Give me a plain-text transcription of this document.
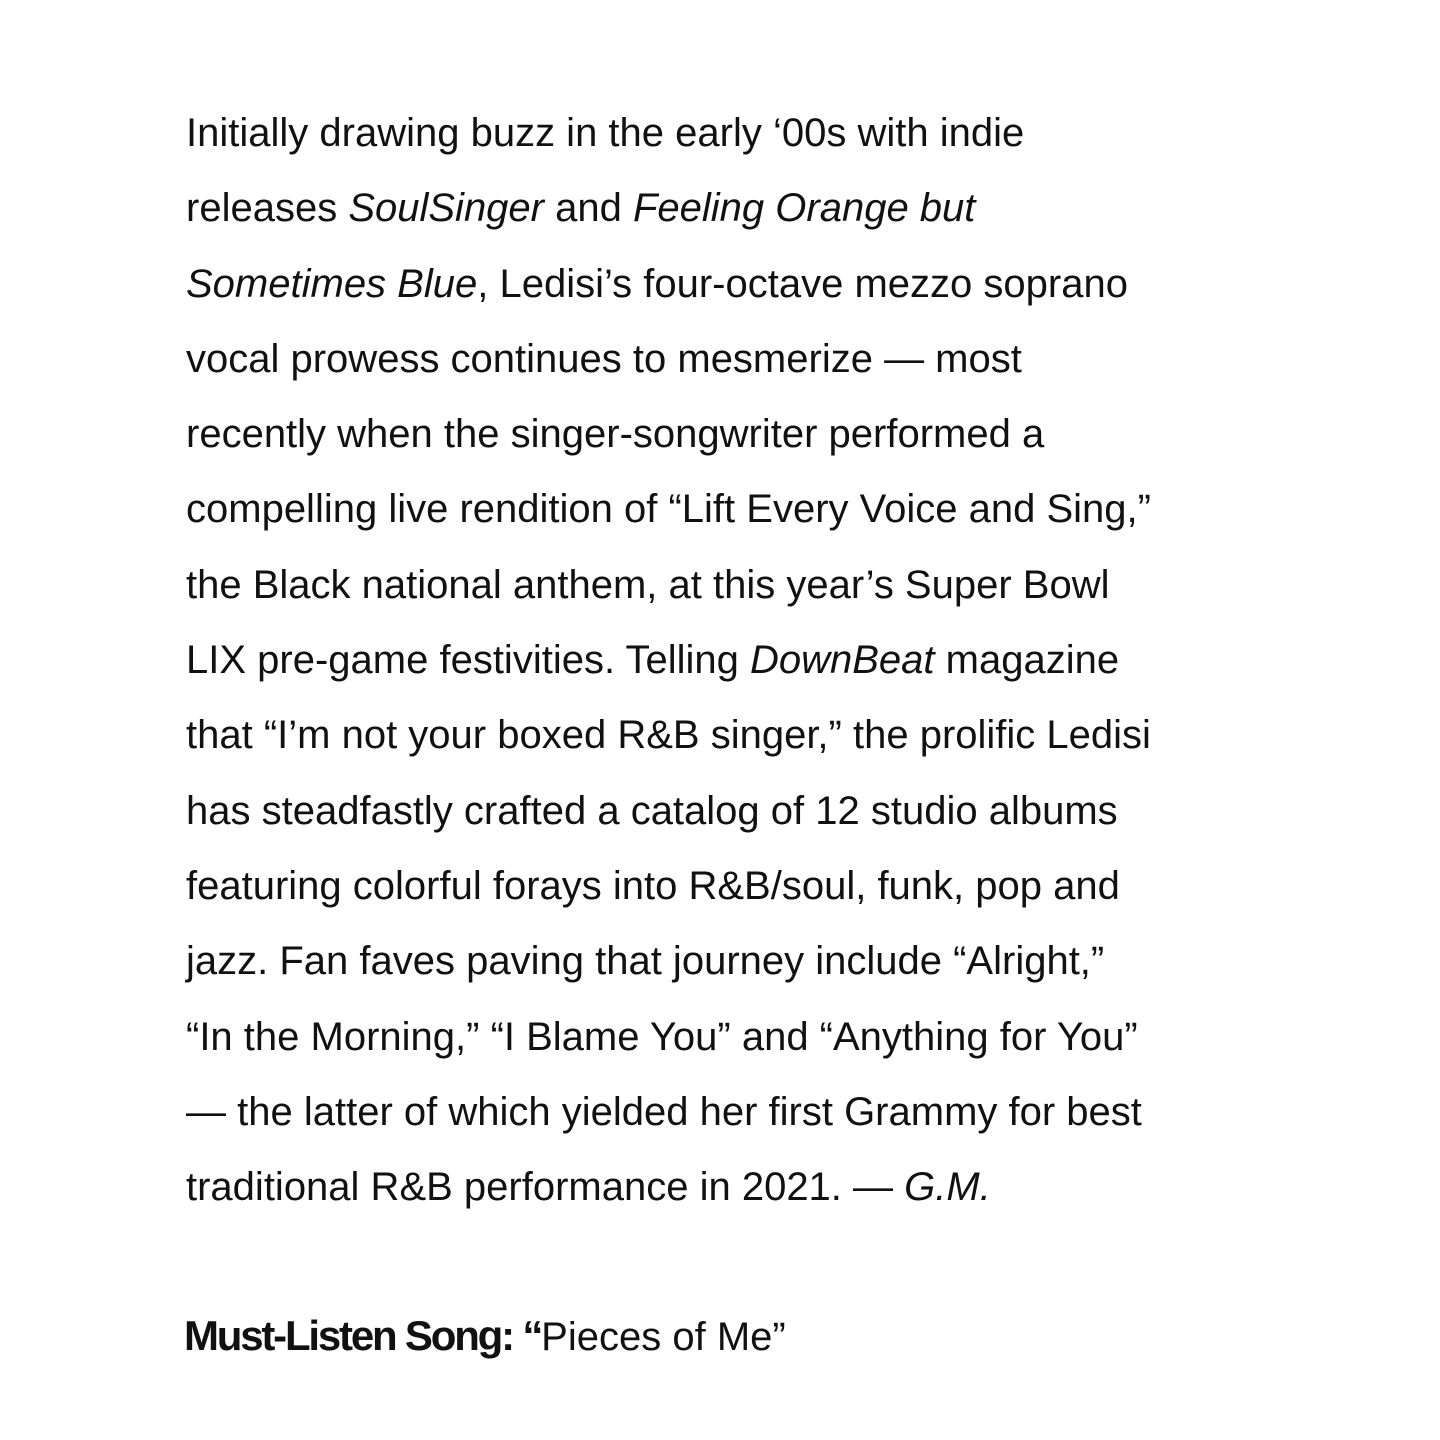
Initially drawing buzz in the early ‘00s with indie
releases SoulSinger and Feeling Orange but
Sometimes Blue, Ledisi’s four-octave mezzo soprano
vocal prowess continues to mesmerize — most
recently when the singer-songwriter performed a
compelling live rendition of “Lift Every Voice and Sing,”
the Black national anthem, at this year’s Super Bowl
LIX pre-game festivities. Telling DownBeat magazine
that “I’m not your boxed R&B singer,” the prolific Ledisi
has steadfastly crafted a catalog of 12 studio albums
featuring colorful forays into R&B/soul, funk, pop and
jazz. Fan faves paving that journey include “Alright,”
“In the Morning,” “I Blame You” and “Anything for You”
— the latter of which yielded her first Grammy for best
traditional R&B performance in 2021. — G.M.
Must-Listen Song: “Pieces of Me”
